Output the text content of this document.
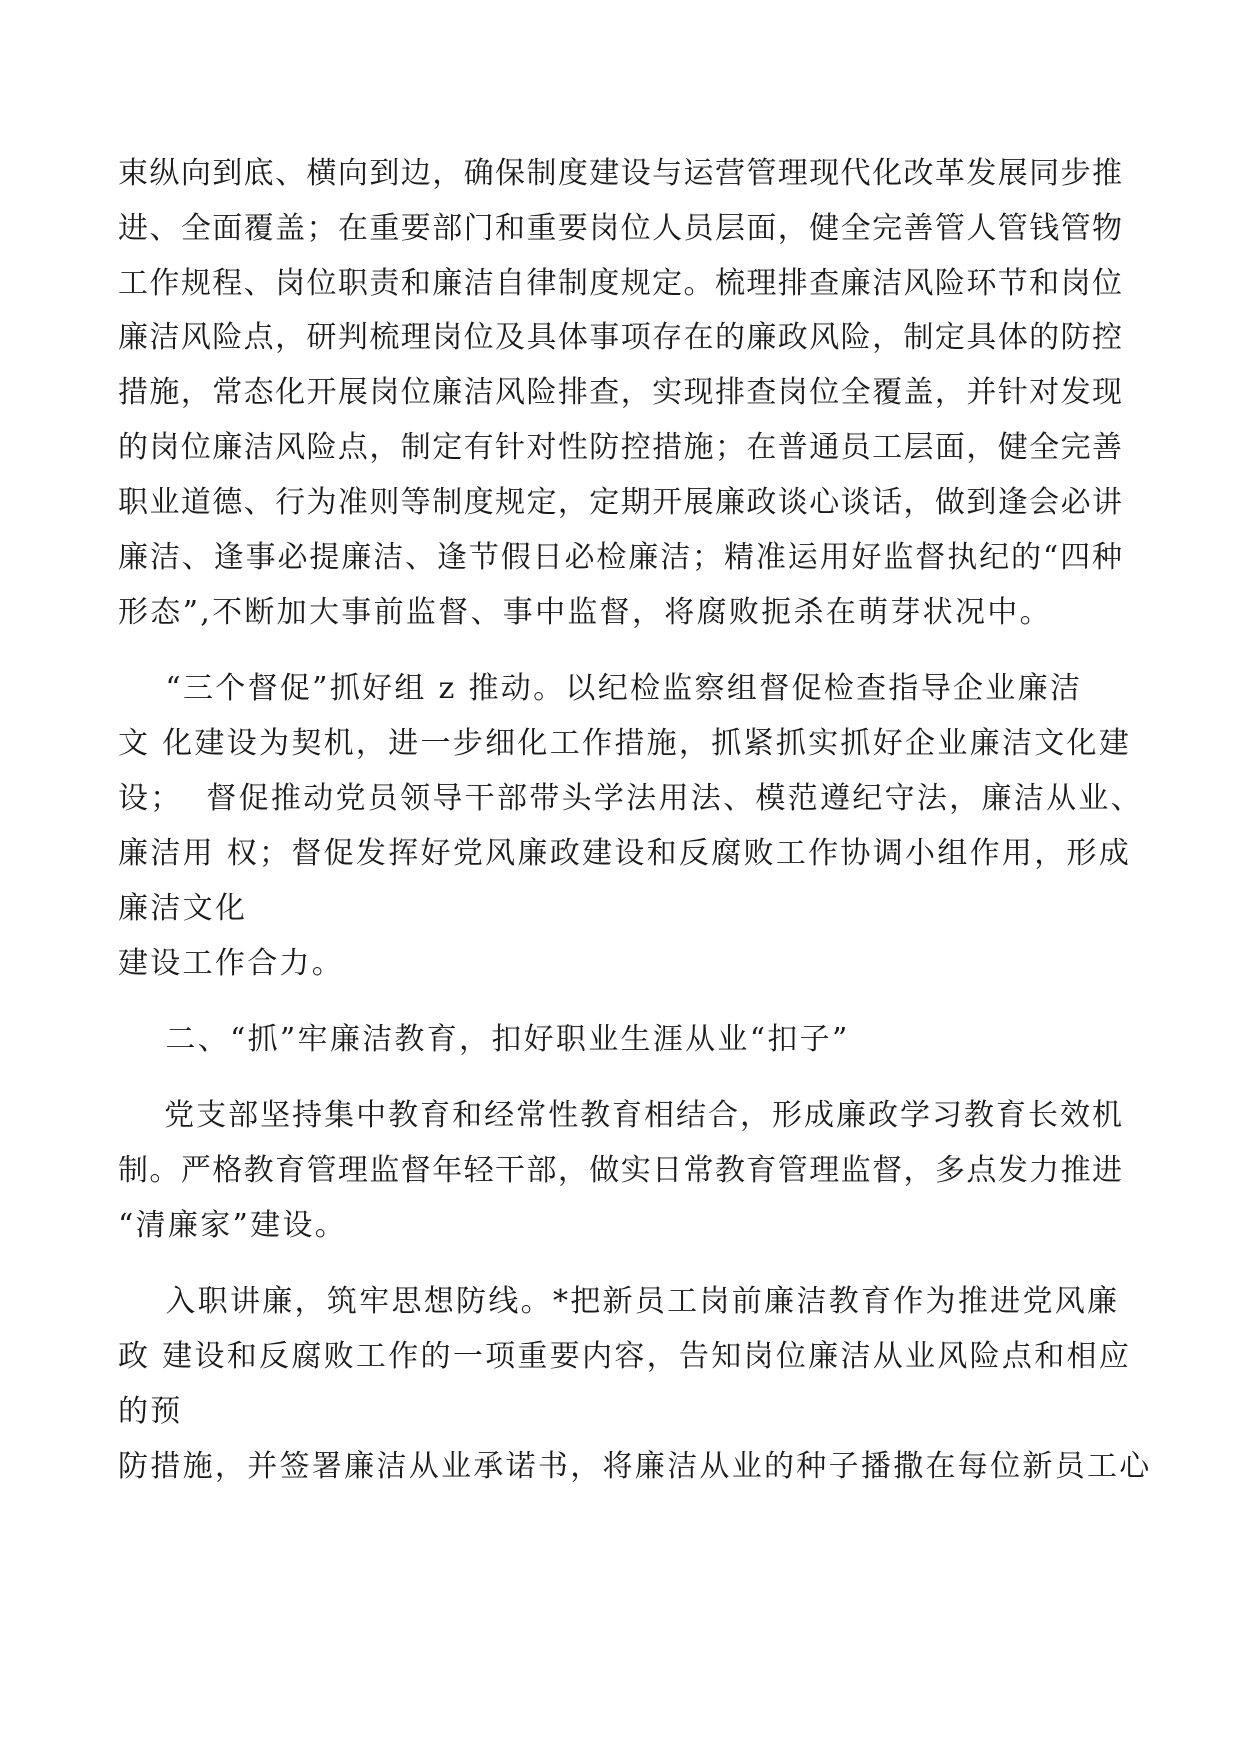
束纵向到底、横向到边，确保制度建设与运营管理现代化改革发展同步推
进、全面覆盖；在重要部门和重要岗位人员层面，健全完善管人管钱管物
工作规程、岗位职责和廉洁自律制度规定。梳理排查廉洁风险环节和岗位
廉洁风险点，研判梳理岗位及具体事项存在的廉政风险，制定具体的防控
措施，常态化开展岗位廉洁风险排查，实现排查岗位全覆盖，并针对发现
的岗位廉洁风险点，制定有针对性防控措施；在普通员工层面，健全完善
职业道德、行为准则等制度规定，定期开展廉政谈心谈话，做到逢会必讲
廉洁、逢事必提廉洁、逢节假日必检廉洁；精准运用好监督执纪的“四种
形态”,不断加大事前监督、事中监督，将腐败扼杀在萌芽状况中。
“三个督促”抓好组 z 推动。以纪检监察组督促检查指导企业廉洁
文 化建设为契机，进一步细化工作措施，抓紧抓实抓好企业廉洁文化建
设；  督促推动党员领导干部带头学法用法、模范遵纪守法，廉洁从业、
廉洁用 权；督促发挥好党风廉政建设和反腐败工作协调小组作用，形成
廉洁文化
建设工作合力。
二、“抓”牢廉洁教育，扣好职业生涯从业“扣子”
党支部坚持集中教育和经常性教育相结合，形成廉政学习教育长效机
制。严格教育管理监督年轻干部，做实日常教育管理监督，多点发力推进
“清廉家”建设。
入职讲廉，筑牢思想防线。*把新员工岗前廉洁教育作为推进党风廉
政 建设和反腐败工作的一项重要内容，告知岗位廉洁从业风险点和相应
的预
防措施，并签署廉洁从业承诺书，将廉洁从业的种子播撒在每位新员工心
